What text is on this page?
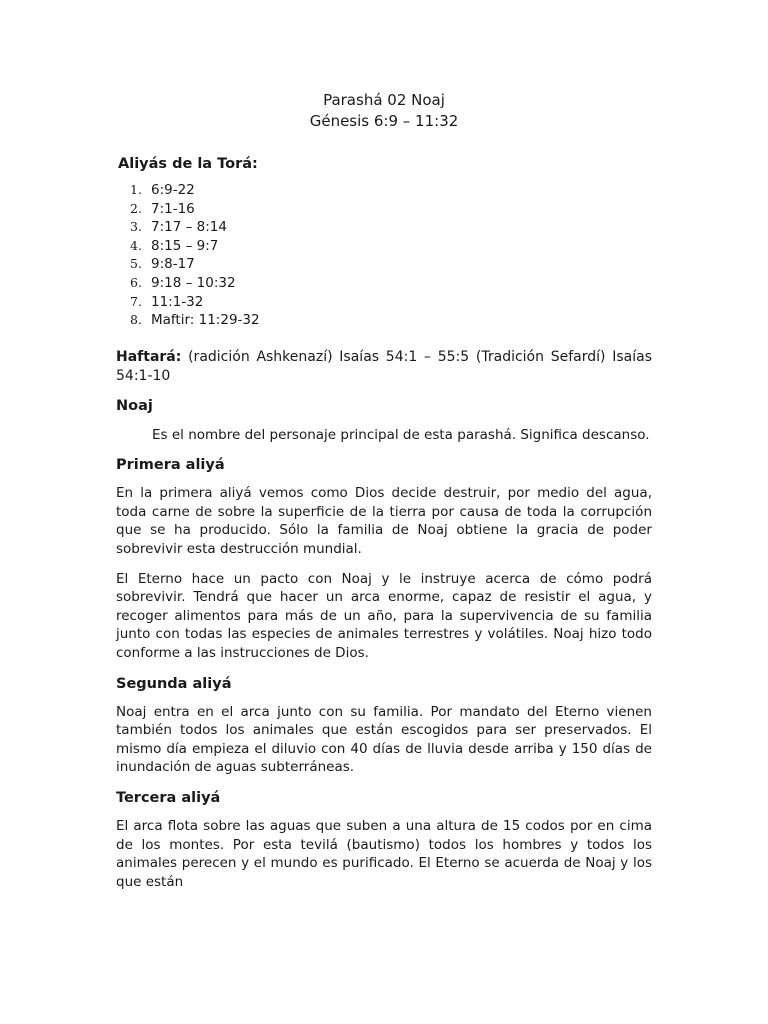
Parashá 02 Noaj
Génesis 6:9 – 11:32
Aliyás de la Torá:
1. 6:9-22
2. 7:1-16
3. 7:17 – 8:14
4. 8:15 – 9:7
5. 9:8-17
6. 9:18 – 10:32
7. 11:1-32
8. Maftir: 11:29-32
Haftará: (radición Ashkenazí) Isaías 54:1 – 55:5 (Tradición Sefardí) Isaías 54:1-10
Noaj

Es el nombre del personaje principal de esta parashá. Significa descanso.

Primera aliyá

En la primera aliyá vemos como Dios decide destruir, por medio del agua, toda carne de sobre la superficie de la tierra por causa de toda la corrupción que se ha producido. Sólo la familia de Noaj obtiene la gracia de poder sobrevivir esta destrucción mundial.

El Eterno hace un pacto con Noaj y le instruye acerca de cómo podrá sobrevivir. Tendrá que hacer un arca enorme, capaz de resistir el agua, y recoger alimentos para más de un año, para la supervivencia de su familia junto con todas las especies de animales terrestres y volátiles. Noaj hizo todo conforme a las instrucciones de Dios.

Segunda aliyá

Noaj entra en el arca junto con su familia. Por mandato del Eterno vienen también todos los animales que están escogidos para ser preservados. El mismo día empieza el diluvio con 40 días de lluvia desde arriba y 150 días de inundación de aguas subterráneas.

Tercera aliyá

El arca flota sobre las aguas que suben a una altura de 15 codos por en cima de los montes. Por esta tevilá (bautismo) todos los hombres y todos los animales perecen y el mundo es purificado. El Eterno se acuerda de Noaj y los que están
